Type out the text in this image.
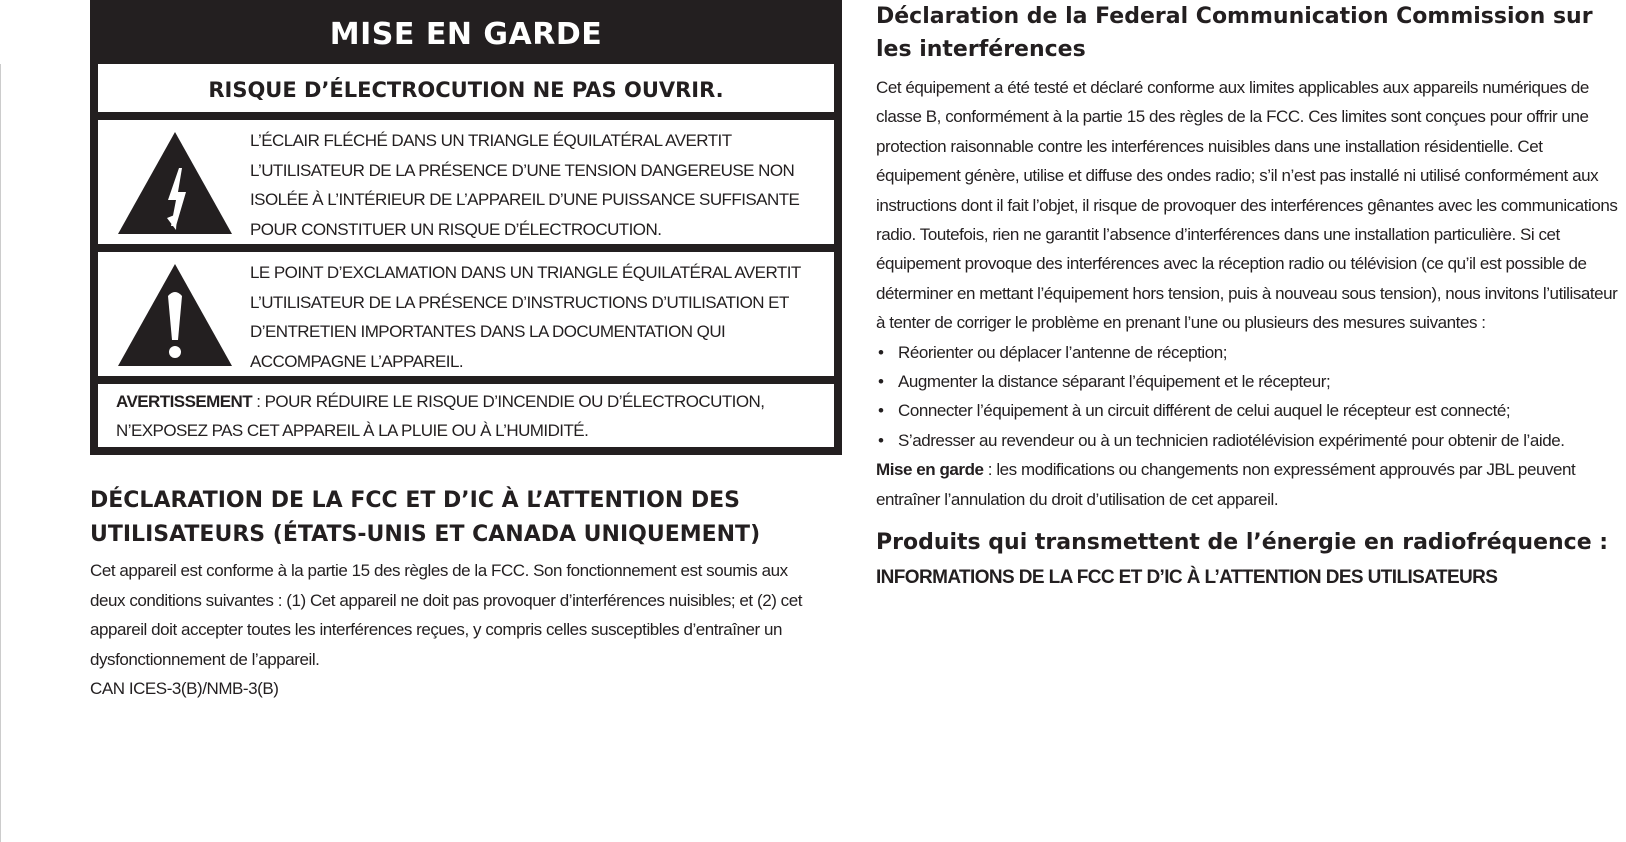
MISE EN GARDE
RISQUE D’ÉLECTROCUTION NE PAS OUVRIR.
L’ÉCLAIR FLÉCHÉ DANS UN TRIANGLE ÉQUILATÉRAL AVERTIT L’UTILISATEUR DE LA PRÉSENCE D’UNE TENSION DANGEREUSE NON ISOLÉE À L’INTÉRIEUR DE L’APPAREIL D’UNE PUISSANCE SUFFISANTE POUR CONSTITUER UN RISQUE D’ÉLECTROCUTION.
LE POINT D’EXCLAMATION DANS UN TRIANGLE ÉQUILATÉRAL AVERTIT L’UTILISATEUR DE LA PRÉSENCE D’INSTRUCTIONS D’UTILISATION ET D’ENTRETIEN IMPORTANTES DANS LA DOCUMENTATION QUI ACCOMPAGNE L’APPAREIL.
AVERTISSEMENT : POUR RÉDUIRE LE RISQUE D’INCENDIE OU D’ÉLECTROCUTION, N’EXPOSEZ PAS CET APPAREIL À LA PLUIE OU À L’HUMIDITÉ.
DÉCLARATION DE LA FCC ET D’IC À L’ATTENTION DES UTILISATEURS (ÉTATS-UNIS ET CANADA UNIQUEMENT)
Cet appareil est conforme à la partie 15 des règles de la FCC. Son fonctionnement est soumis aux deux conditions suivantes : (1) Cet appareil ne doit pas provoquer d’interférences nuisibles; et (2) cet appareil doit accepter toutes les interférences reçues, y compris celles susceptibles d’entraîner un dysfonctionnement de l’appareil.
CAN ICES-3(B)/NMB-3(B)
Déclaration de la Federal Communication Commission sur les interférences
Cet équipement a été testé et déclaré conforme aux limites applicables aux appareils numériques de classe B, conformément à la partie 15 des règles de la FCC. Ces limites sont conçues pour offrir une protection raisonnable contre les interférences nuisibles dans une installation résidentielle. Cet équipement génère, utilise et diffuse des ondes radio; s’il n’est pas installé ni utilisé conformément aux instructions dont il fait l’objet, il risque de provoquer des interférences gênantes avec les communications radio. Toutefois, rien ne garantit l’absence d’interférences dans une installation particulière. Si cet équipement provoque des interférences avec la réception radio ou télévision (ce qu’il est possible de déterminer en mettant l’équipement hors tension, puis à nouveau sous tension), nous invitons l’utilisateur à tenter de corriger le problème en prenant l’une ou plusieurs des mesures suivantes :
• Réorienter ou déplacer l’antenne de réception;
• Augmenter la distance séparant l’équipement et le récepteur;
• Connecter l’équipement à un circuit différent de celui auquel le récepteur est connecté;
• S’adresser au revendeur ou à un technicien radiotélévision expérimenté pour obtenir de l’aide.
Mise en garde : les modifications ou changements non expressément approuvés par JBL peuvent entraîner l’annulation du droit d’utilisation de cet appareil.
Produits qui transmettent de l’énergie en radiofréquence :
INFORMATIONS DE LA FCC ET D’IC À L’ATTENTION DES UTILISATEURS
